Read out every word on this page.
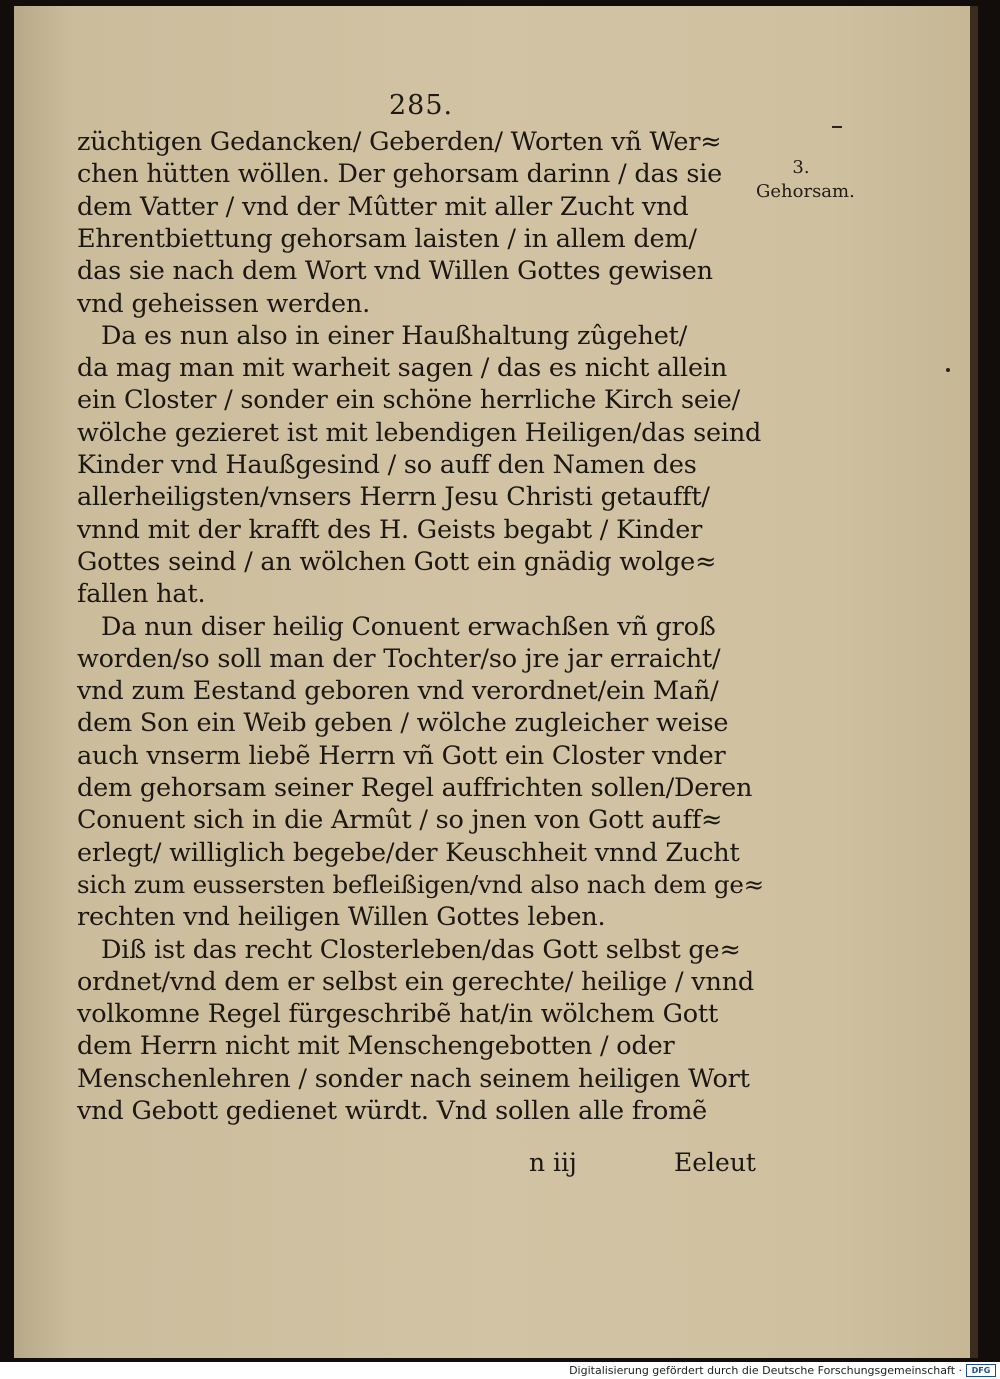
285.
3.
Gehorsam.
züchtigen Gedancken/ Geberden/ Worten vñ Wer≈
chen hütten wöllen. Der gehorsam darinn / das sie
dem Vatter / vnd der Mûtter mit aller Zucht vnd
Ehrentbiettung gehorsam laisten / in allem dem/
das sie nach dem Wort vnd Willen Gottes gewisen
vnd geheissen werden.
Da es nun also in einer Haußhaltung zûgehet/
da mag man mit warheit sagen / das es nicht allein
ein Closter / sonder ein schöne herrliche Kirch seie/
wölche gezieret ist mit lebendigen Heiligen/das seind
Kinder vnd Haußgesind / so auff den Namen des
allerheiligsten/vnsers Herrn Jesu Christi getaufft/
vnnd mit der krafft des H. Geists begabt / Kinder
Gottes seind / an wölchen Gott ein gnädig wolge≈
fallen hat.
Da nun diser heilig Conuent erwachßen vñ groß
worden/so soll man der Tochter/so jre jar erraicht/
vnd zum Eestand geboren vnd verordnet/ein Mañ/
dem Son ein Weib geben / wölche zugleicher weise
auch vnserm liebẽ Herrn vñ Gott ein Closter vnder
dem gehorsam seiner Regel auffrichten sollen/Deren
Conuent sich in die Armût / so jnen von Gott auff≈
erlegt/ williglich begebe/der Keuschheit vnnd Zucht
sich zum eussersten befleißigen/vnd also nach dem ge≈
rechten vnd heiligen Willen Gottes leben.
Diß ist das recht Closterleben/das Gott selbst ge≈
ordnet/vnd dem er selbst ein gerechte/ heilige / vnnd
volkomne Regel fürgeschribẽ hat/in wölchem Gott
dem Herrn nicht mit Menschengebotten / oder
Menschenlehren / sonder nach seinem heiligen Wort
vnd Gebott gedienet würdt. Vnd sollen alle fromẽ
n iij	Eeleut
Digitalisierung gefördert durch die Deutsche Forschungsgemeinschaft ·	DFG
